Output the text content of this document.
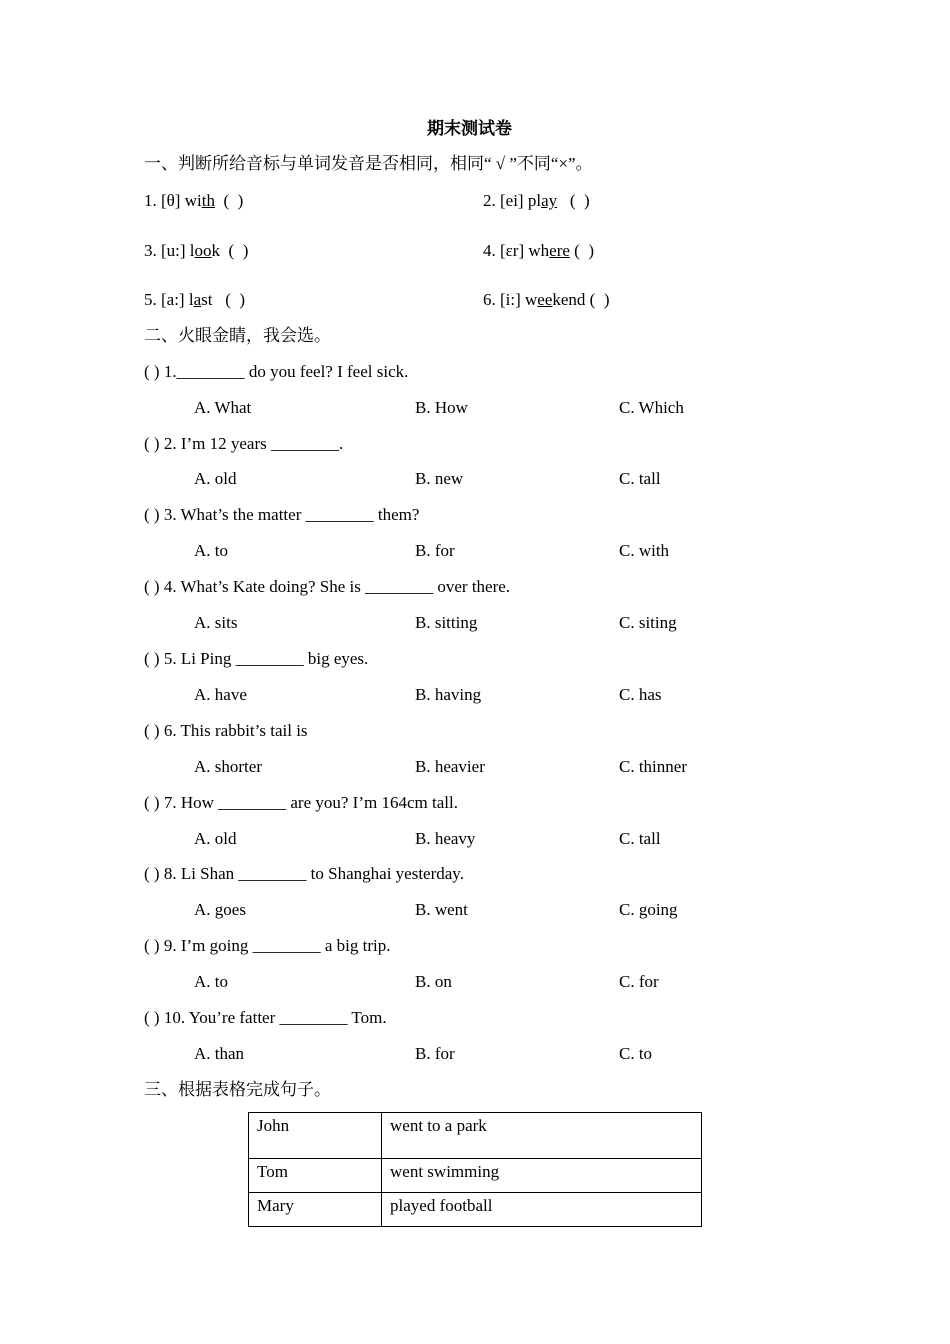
期末测试卷
一、判断所给音标与单词发音是否相同，相同“ √ ”不同“×”。
1. [θ] with  (  )	2. [ei] play   (  )
3. [u:] look  (  )	4. [ɛr] where (  )
5. [a:] last   (  )	6. [i:] weekend (  )
二、火眼金睛，我会选。
( ) 1.________ do you feel? I feel sick.
A. What	B. How	C. Which
( ) 2. I’m 12 years ________.
A. old	B. new	C. tall
( ) 3. What’s the matter ________ them?
A. to	B. for	C. with
( ) 4. What’s Kate doing? She is ________ over there.
A. sits	B. sitting	C. siting
( ) 5. Li Ping ________ big eyes.
A. have	B. having	C. has
( ) 6. This rabbit’s tail is
A. shorter	B. heavier	C. thinner
( ) 7. How ________ are you? I’m 164cm tall.
A. old	B. heavy	C. tall
( ) 8. Li Shan ________ to Shanghai yesterday.
A. goes	B. went	C. going
( ) 9. I’m going ________ a big trip.
A. to	B. on	C. for
( ) 10. You’re fatter ________ Tom.
A. than	B. for	C. to
三、根据表格完成句子。
John	went to a park
Tom	went swimming
Mary	played football
